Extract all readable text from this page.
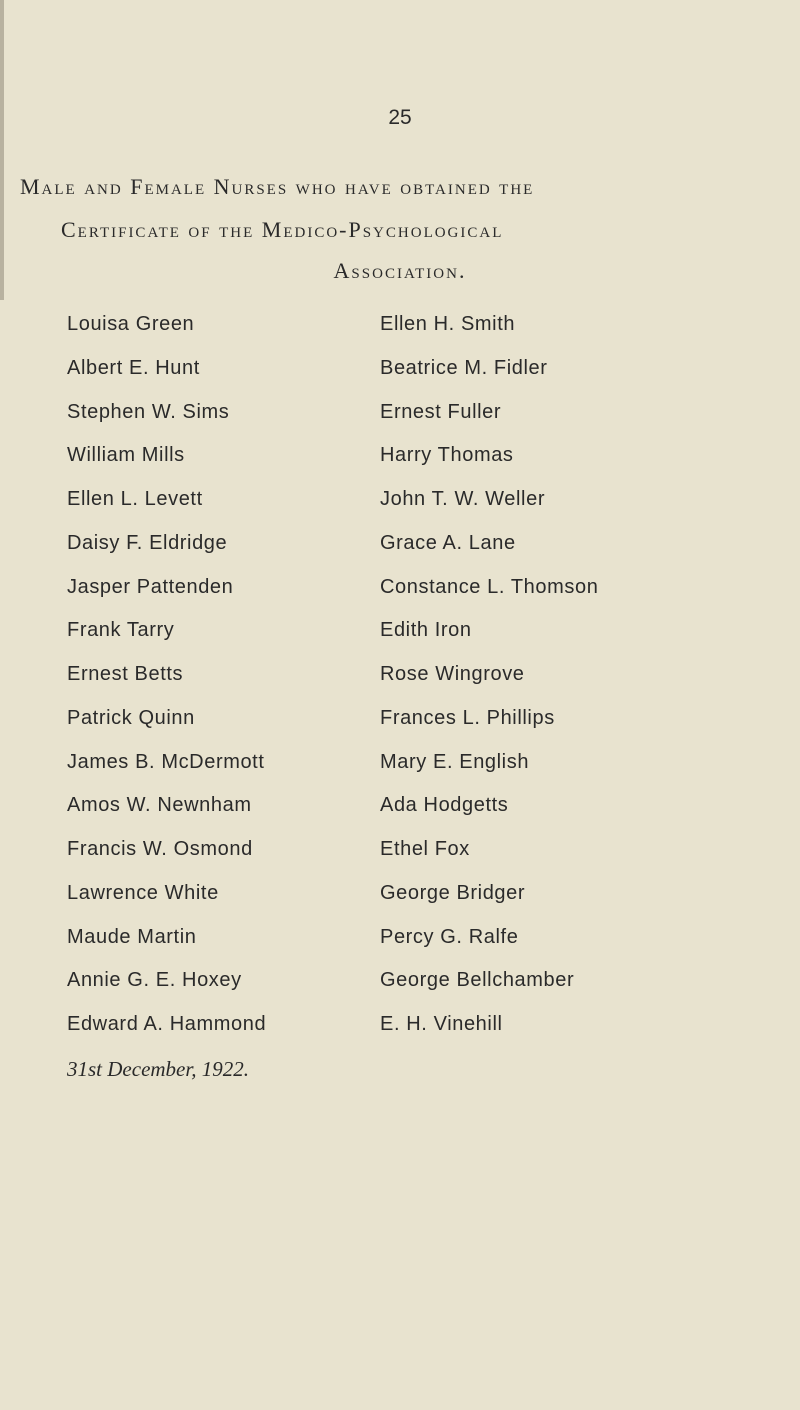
25
Male and Female Nurses who have obtained the
Certificate of the Medico-Psychological
Association.
Louisa Green
Albert E. Hunt
Stephen W. Sims
William Mills
Ellen L. Levett
Daisy F. Eldridge
Jasper Pattenden
Frank Tarry
Ernest Betts
Patrick Quinn
James B. McDermott
Amos W. Newnham
Francis W. Osmond
Lawrence White
Maude Martin
Annie G. E. Hoxey
Edward A. Hammond
Ellen H. Smith
Beatrice M. Fidler
Ernest Fuller
Harry Thomas
John T. W. Weller
Grace A. Lane
Constance L. Thomson
Edith Iron
Rose Wingrove
Frances L. Phillips
Mary E. English
Ada Hodgetts
Ethel Fox
George Bridger
Percy G. Ralfe
George Bellchamber
E. H. Vinehill
31st December, 1922.
